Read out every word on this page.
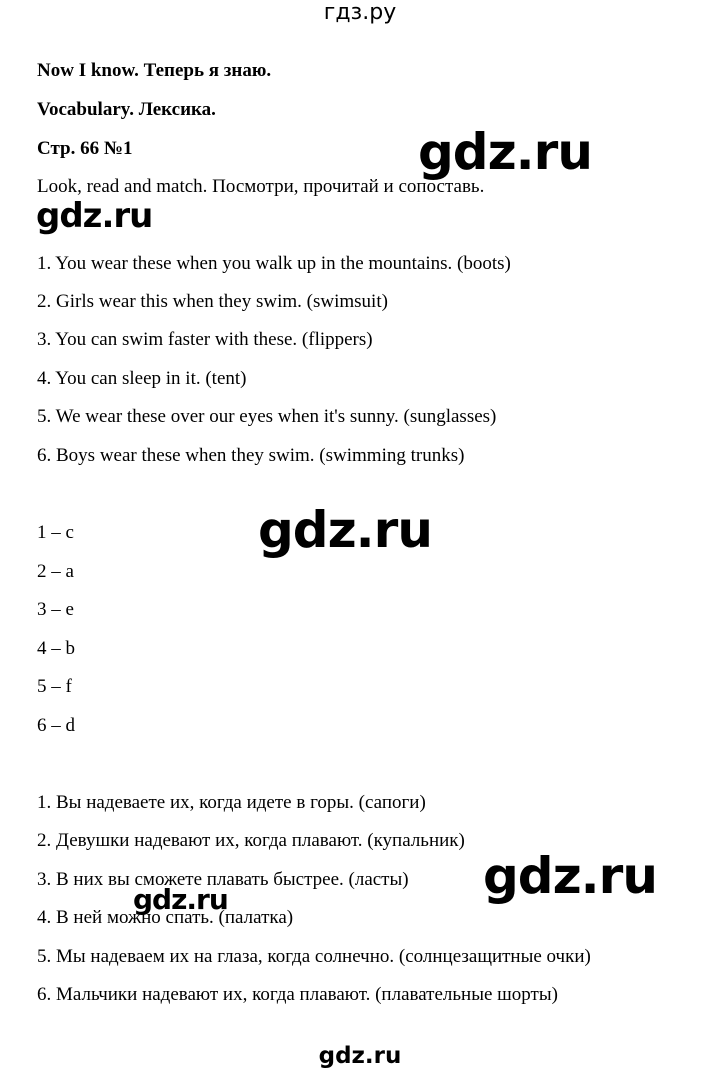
гдз.ру
Now I know. Теперь я знаю.
Vocabulary. Лексика.
Стр. 66 №1
Look, read and match. Посмотри, прочитай и сопоставь.
1. You wear these when you walk up in the mountains. (boots)
2. Girls wear this when they swim. (swimsuit)
3. You can swim faster with these. (flippers)
4. You can sleep in it. (tent)
5. We wear these over our eyes when it's sunny. (sunglasses)
6. Boys wear these when they swim. (swimming trunks)
1 – c
2 – a
3 – e
4 – b
5 – f
6 – d
1. Вы надеваете их, когда идете в горы. (сапоги)
2. Девушки надевают их, когда плавают. (купальник)
3. В них вы сможете плавать быстрее. (ласты)
4. В ней можно спать. (палатка)
5. Мы надеваем их на глаза, когда солнечно. (солнцезащитные очки)
6. Мальчики надевают их, когда плавают. (плавательные шорты)
gdz.ru
gdz.ru
gdz.ru
gdz.ru
gdz.ru
gdz.ru
